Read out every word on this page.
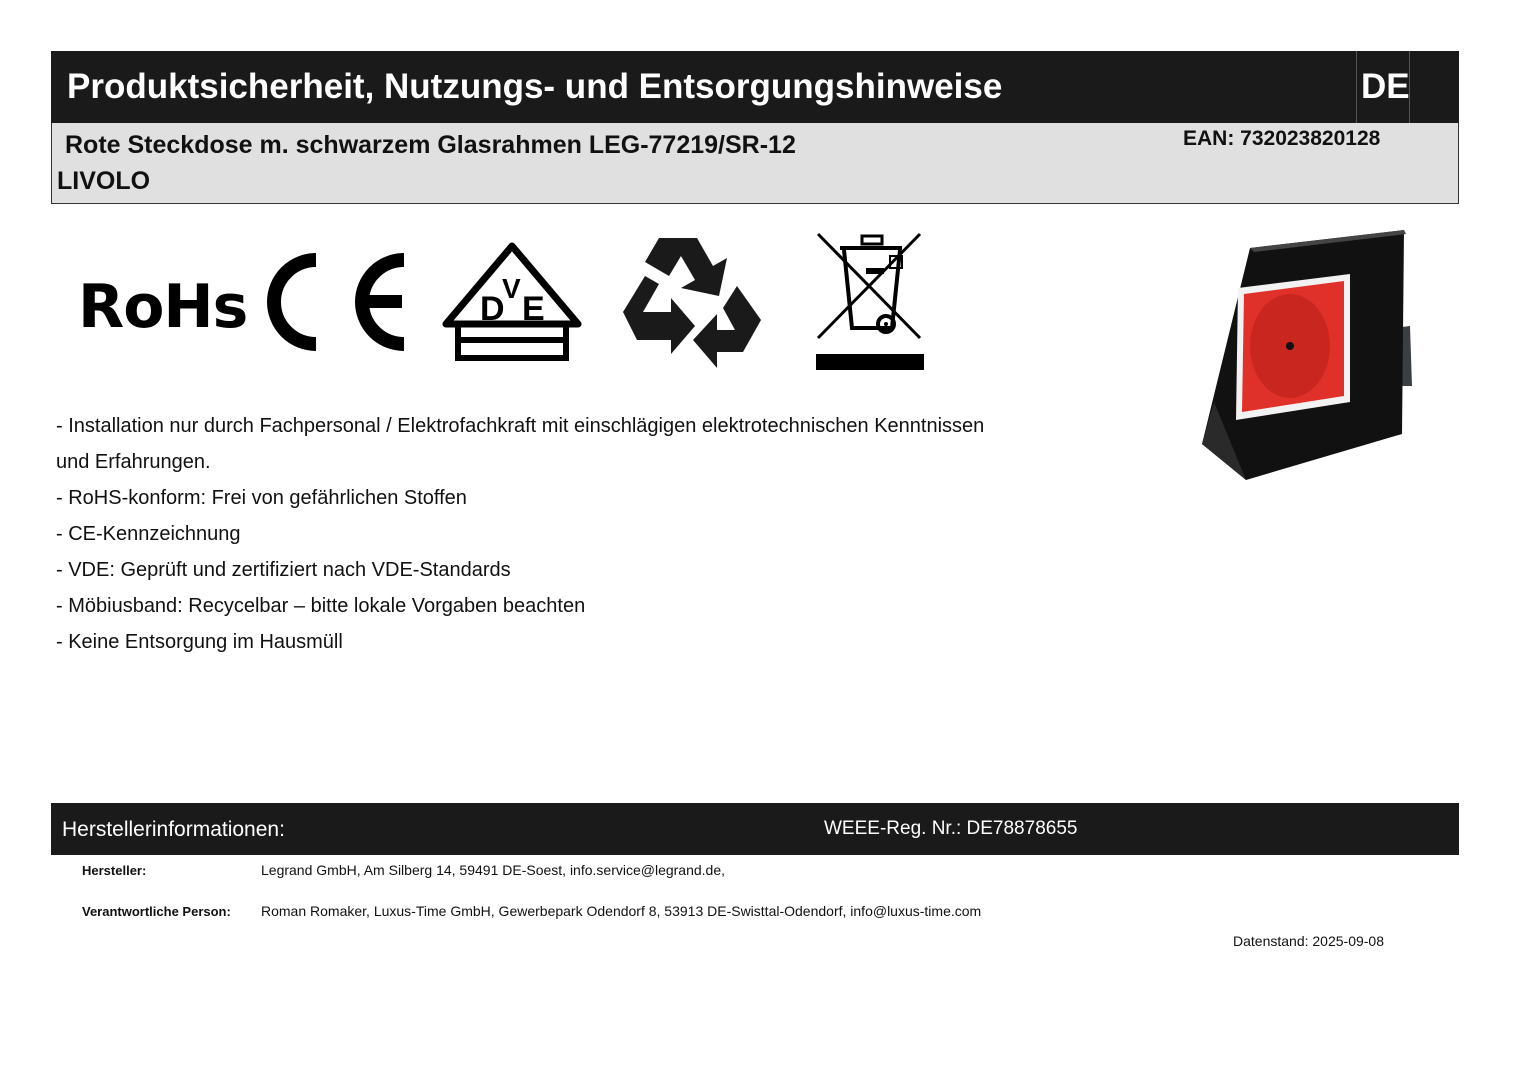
Produktsicherheit, Nutzungs- und Entsorgungshinweise	DE
Rote Steckdose m. schwarzem Glasrahmen LEG-77219/SR-12
LIVOLO
EAN: 732023820128
RoHs	D
V
E

- Installation nur durch Fachpersonal / Elektrofachkraft mit einschlägigen elektrotechnischen Kenntnissen

und Erfahrungen.

- RoHS-konform: Frei von gefährlichen Stoffen

- CE-Kennzeichnung

- VDE: Geprüft und zertifiziert nach VDE-Standards

- Möbiusband: Recycelbar – bitte lokale Vorgaben beachten

- Keine Entsorgung im Hausmüll

Herstellerinformationen:	WEEE-Reg. Nr.: DE78878655
Hersteller:	Legrand GmbH, Am Silberg 14, 59491 DE-Soest, info.service@legrand.de,
Verantwortliche Person: Roman Romaker, Luxus-Time GmbH, Gewerbepark Odendorf 8, 53913 DE-Swisttal-Odendorf, info@luxus-time.com
Datenstand: 2025-09-08
